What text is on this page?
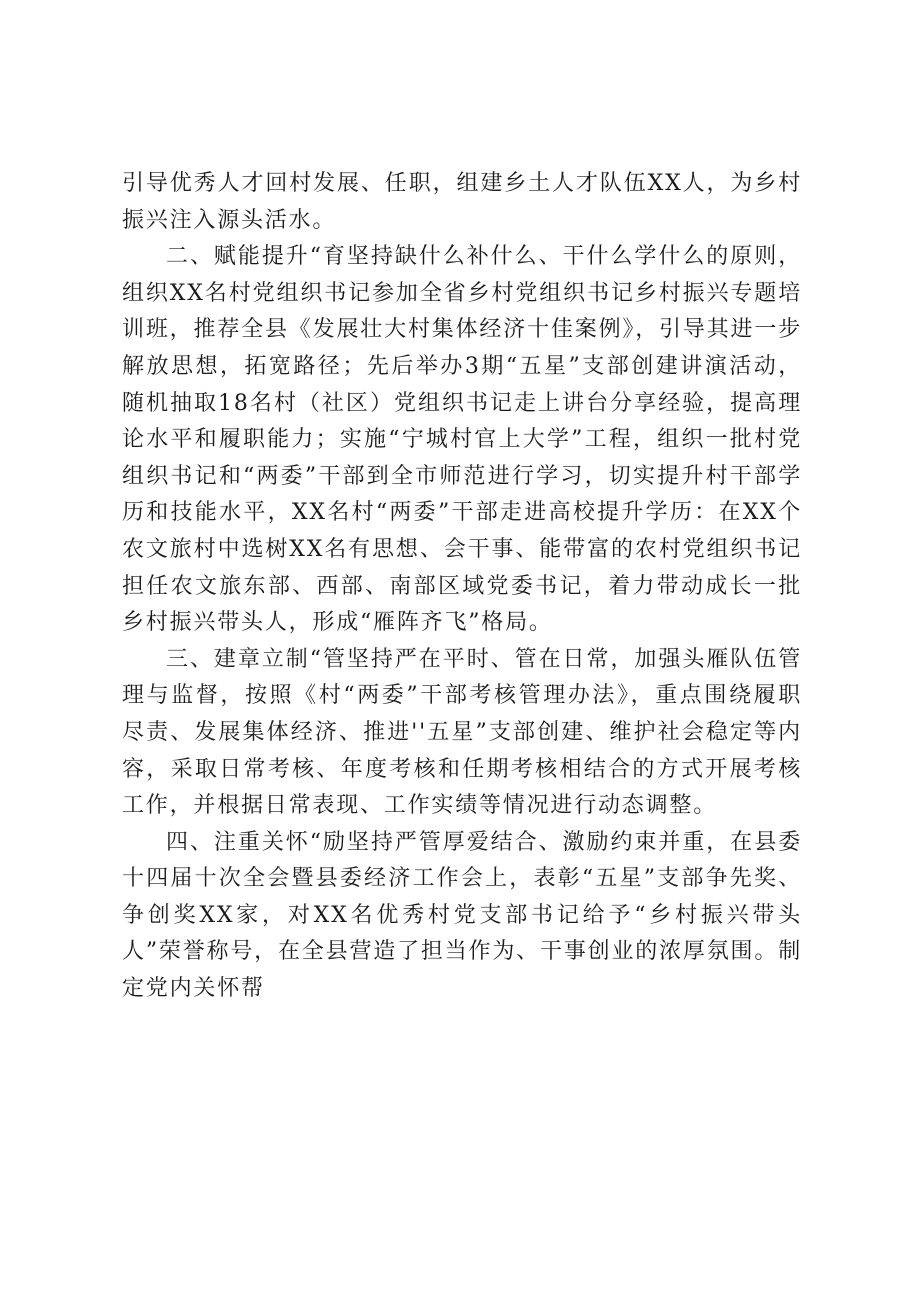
引导优秀人才回村发展、任职，组建乡土人才队伍XX人，为乡村振兴注入源头活水。

二、赋能提升“育坚持缺什么补什么、干什么学什么的原则，组织XX名村党组织书记参加全省乡村党组织书记乡村振兴专题培训班，推荐全县《发展壮大村集体经济十佳案例》，引导其进一步解放思想，拓宽路径；先后举办3期“五星”支部创建讲演活动，随机抽取18名村（社区）党组织书记走上讲台分享经验，提高理论水平和履职能力；实施“宁城村官上大学”工程，组织一批村党组织书记和“两委”干部到全市师范进行学习，切实提升村干部学历和技能水平，XX名村“两委”干部走进高校提升学历：在XX个农文旅村中选树XX名有思想、会干事、能带富的农村党组织书记担任农文旅东部、西部、南部区域党委书记，着力带动成长一批乡村振兴带头人，形成“雁阵齐飞”格局。

三、建章立制“管坚持严在平时、管在日常，加强头雁队伍管理与监督，按照《村“两委”干部考核管理办法》，重点围绕履职尽责、发展集体经济、推进''五星”支部创建、维护社会稳定等内容，采取日常考核、年度考核和任期考核相结合的方式开展考核工作，并根据日常表现、工作实绩等情况进行动态调整。

四、注重关怀“励坚持严管厚爱结合、激励约束并重，在县委十四届十次全会暨县委经济工作会上，表彰“五星”支部争先奖、争创奖XX家，对XX名优秀村党支部书记给予“乡村振兴带头人”荣誉称号，在全县营造了担当作为、干事创业的浓厚氛围。制定党内关怀帮
